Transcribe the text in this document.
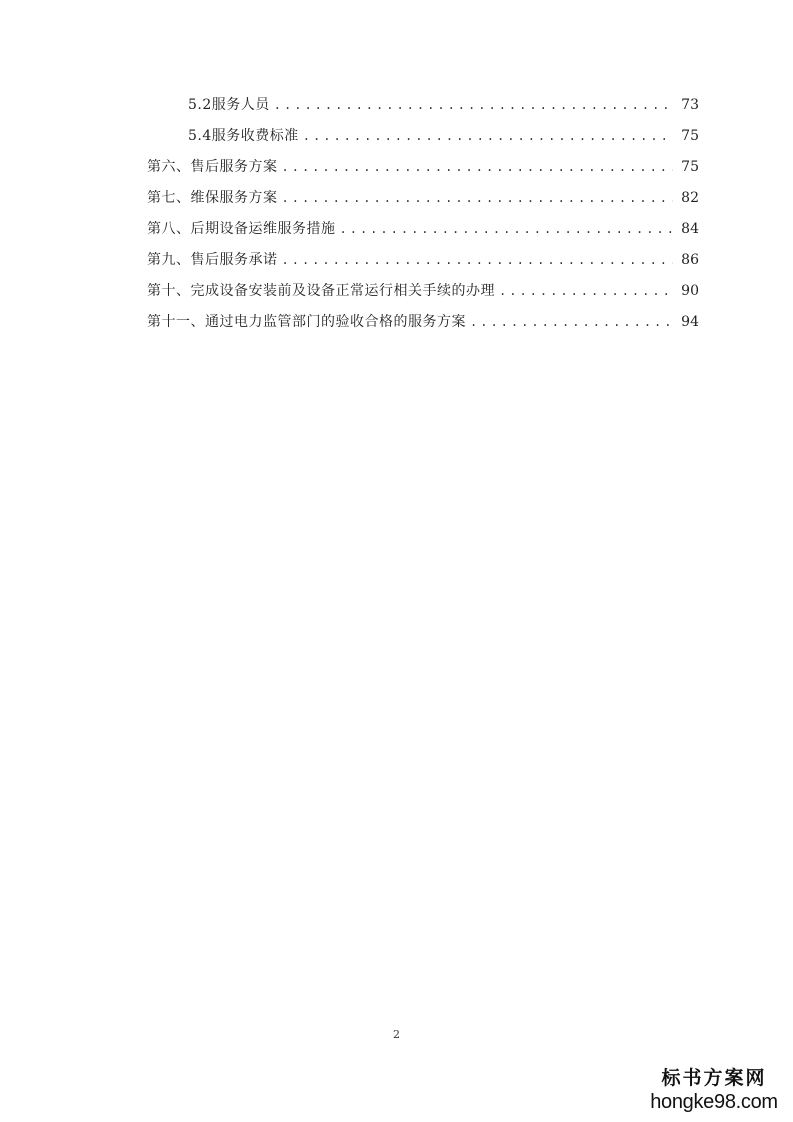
5.2服务人员 .....	73
5.4服务收费标准 .....	75
第六、售后服务方案 .....	75
第七、维保服务方案 .....	82
第八、后期设备运维服务措施 .....	84
第九、售后服务承诺 .....	86
第十、完成设备安装前及设备正常运行相关手续的办理 .....	90
第十一、通过电力监管部门的验收合格的服务方案 .....	94
2
标书方案网
hongke98.com
